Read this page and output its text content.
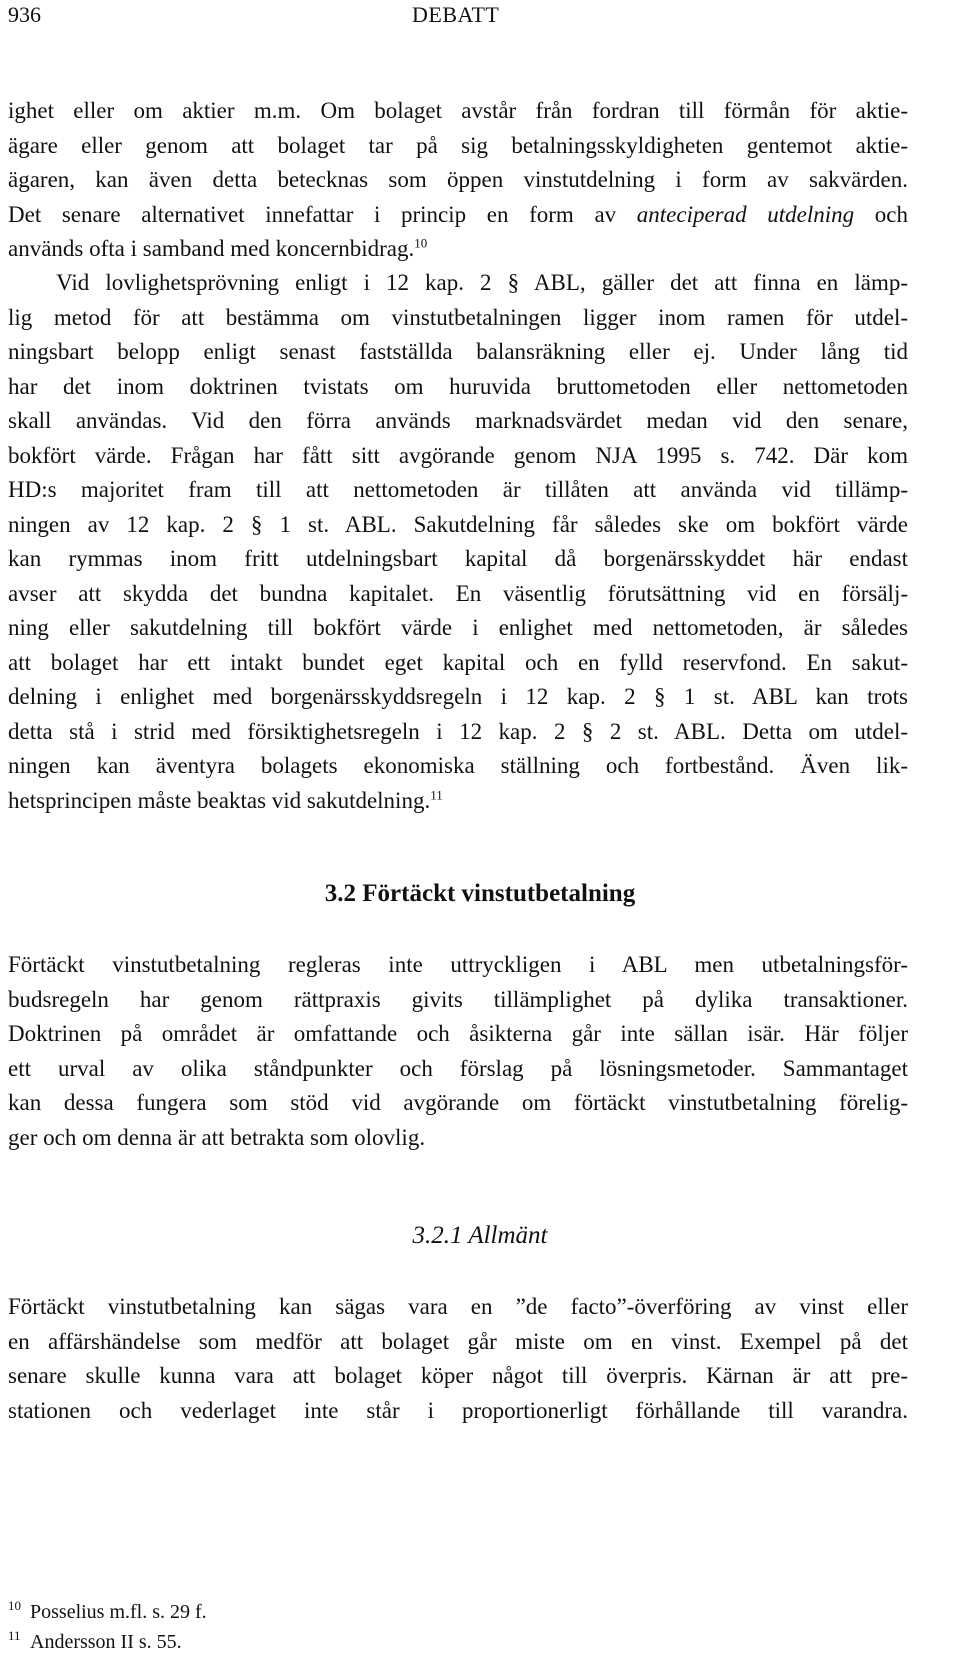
936	DEBATT
ighet eller om aktier m.m. Om bolaget avstår från fordran till förmån för aktie-
ägare eller genom att bolaget tar på sig betalningsskyldigheten gentemot aktie-
ägaren, kan även detta betecknas som öppen vinstutdelning i form av sakvärden.
Det senare alternativet innefattar i princip en form av anteciperad utdelning och
används ofta i samband med koncernbidrag.$^{10}$
Vid lovlighetsprövning enligt i 12 kap. 2 § ABL, gäller det att finna en lämp-
lig metod för att bestämma om vinstutbetalningen ligger inom ramen för utdel-
ningsbart belopp enligt senast fastställda balansräkning eller ej. Under lång tid
har det inom doktrinen tvistats om huruvida bruttometoden eller nettometoden
skall användas. Vid den förra används marknadsvärdet medan vid den senare,
bokfört värde. Frågan har fått sitt avgörande genom NJA 1995 s. 742. Där kom
HD:s majoritet fram till att nettometoden är tillåten att använda vid tillämp-
ningen av 12 kap. 2 § 1 st. ABL. Sakutdelning får således ske om bokfört värde
kan rymmas inom fritt utdelningsbart kapital då borgenärsskyddet här endast
avser att skydda det bundna kapitalet. En väsentlig förutsättning vid en försälj-
ning eller sakutdelning till bokfört värde i enlighet med nettometoden, är således
att bolaget har ett intakt bundet eget kapital och en fylld reservfond. En sakut-
delning i enlighet med borgenärsskyddsregeln i 12 kap. 2 § 1 st. ABL kan trots
detta stå i strid med försiktighetsregeln i 12 kap. 2 § 2 st. ABL. Detta om utdel-
ningen kan äventyra bolagets ekonomiska ställning och fortbestånd. Även lik-
hetsprincipen måste beaktas vid sakutdelning.$^{11}$
3.2 Förtäckt vinstutbetalning
Förtäckt vinstutbetalning regleras inte uttryckligen i ABL men utbetalningsför-
budsregeln har genom rättpraxis givits tillämplighet på dylika transaktioner.
Doktrinen på området är omfattande och åsikterna går inte sällan isär. Här följer
ett urval av olika ståndpunkter och förslag på lösningsmetoder. Sammantaget
kan dessa fungera som stöd vid avgörande om förtäckt vinstutbetalning förelig-
ger och om denna är att betrakta som olovlig.
3.2.1 Allmänt
Förtäckt vinstutbetalning kan sägas vara en ”de facto”-överföring av vinst eller
en affärshändelse som medför att bolaget går miste om en vinst. Exempel på det
senare skulle kunna vara att bolaget köper något till överpris. Kärnan är att pre-
stationen och vederlaget inte står i proportionerligt förhållande till varandra.
10 Posselius m.fl. s. 29 f.
11 Andersson II s. 55.
